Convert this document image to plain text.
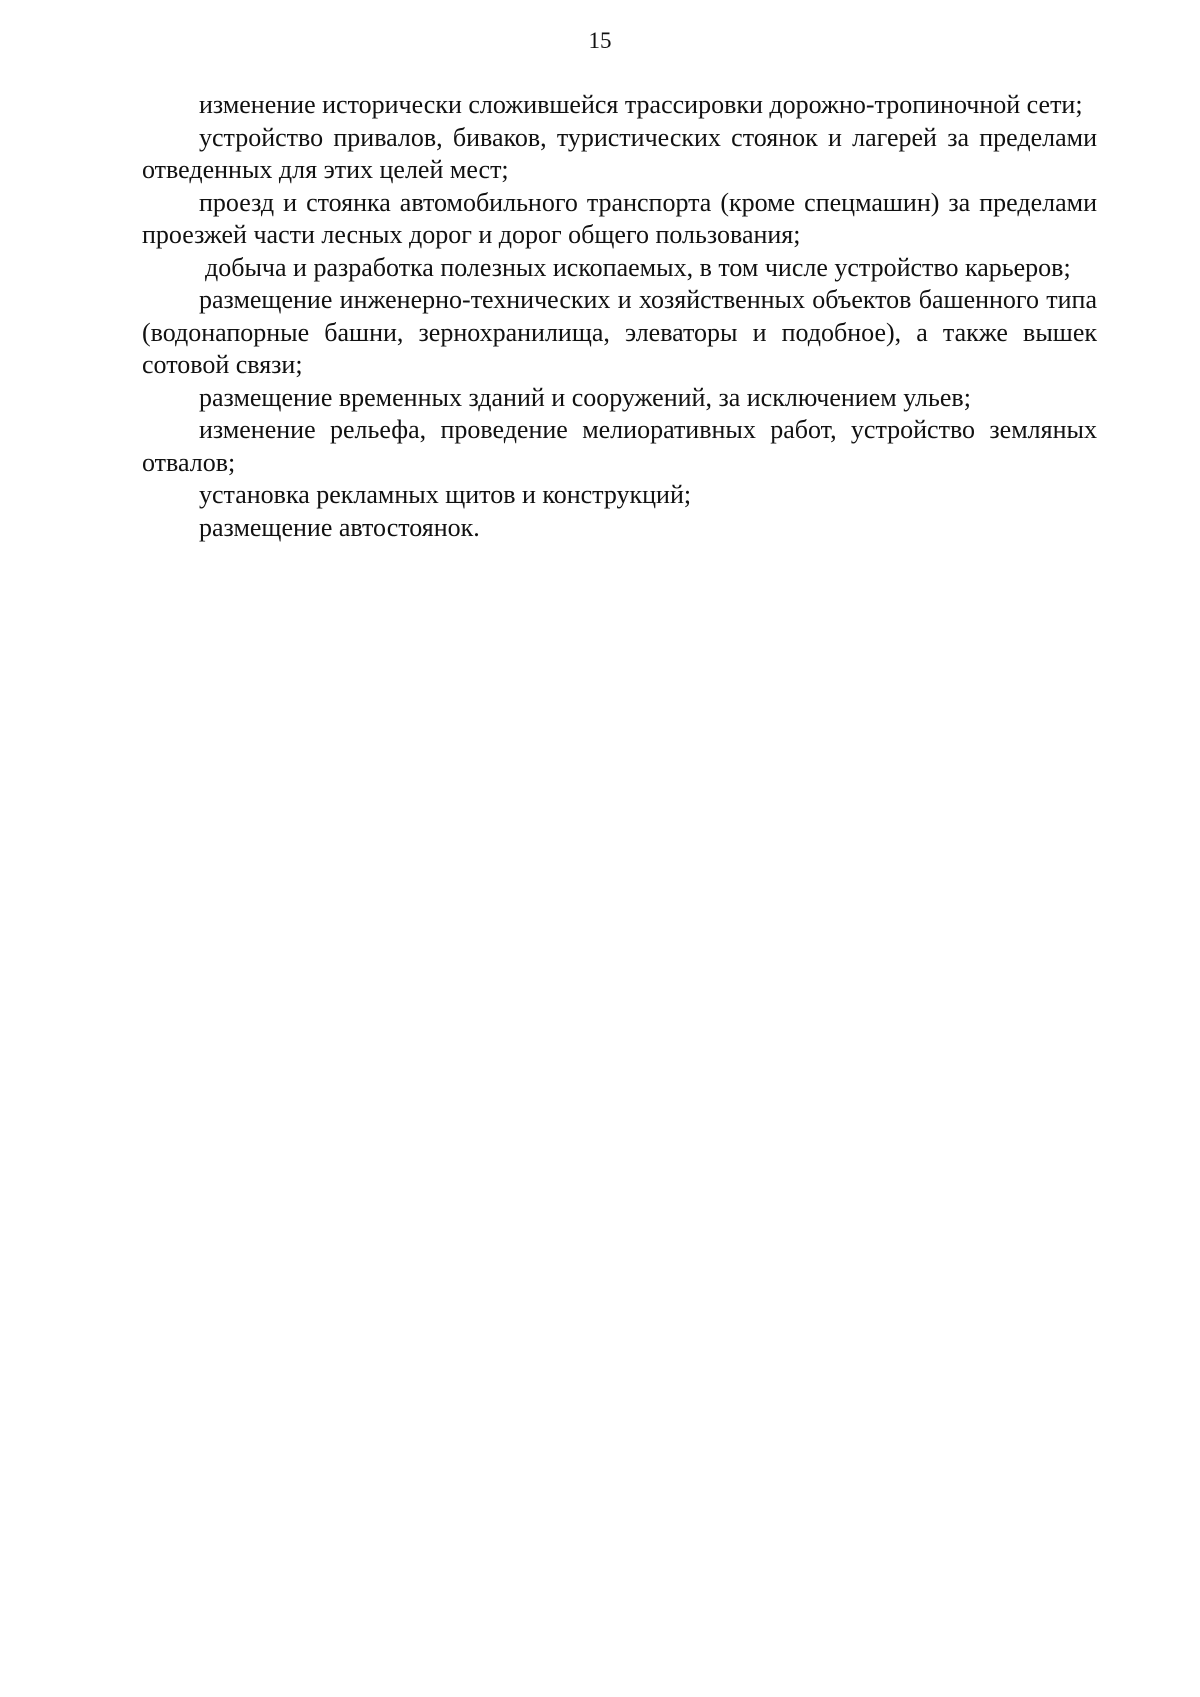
15

изменение исторически сложившейся трассировки дорожно-тропиночной сети;

устройство привалов, биваков, туристических стоянок и лагерей за пределами отведенных для этих целей мест;

проезд и стоянка автомобильного транспорта (кроме спецмашин) за пределами проезжей части лесных дорог и дорог общего пользования;

добыча и разработка полезных ископаемых, в том числе устройство карьеров;

размещение инженерно-технических и хозяйственных объектов башенного типа (водонапорные башни, зернохранилища, элеваторы и подобное), а также вышек сотовой связи;

размещение временных зданий и сооружений, за исключением ульев;

изменение рельефа, проведение мелиоративных работ, устройство земляных отвалов;

установка рекламных щитов и конструкций;

размещение автостоянок.
